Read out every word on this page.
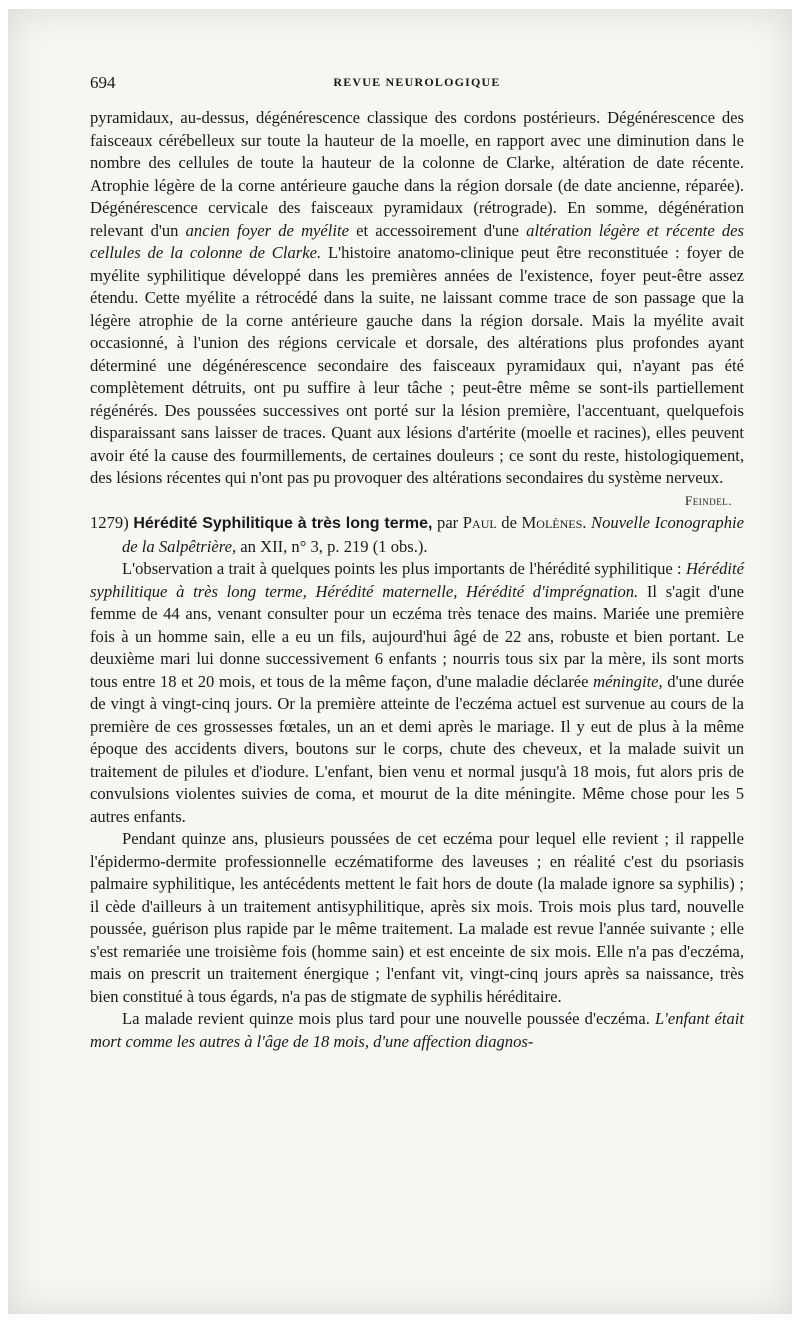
694	REVUE NEUROLOGIQUE

pyramidaux, au-dessus, dégénérescence classique des cordons postérieurs. Dégénérescence des faisceaux cérébelleux sur toute la hauteur de la moelle, en rapport avec une diminution dans le nombre des cellules de toute la hauteur de la colonne de Clarke, altération de date récente. Atrophie légère de la corne antérieure gauche dans la région dorsale (de date ancienne, réparée). Dégénérescence cervicale des faisceaux pyramidaux (rétrograde). En somme, dégénération relevant d'un ancien foyer de myélite et accessoirement d'une altération légère et récente des cellules de la colonne de Clarke. L'histoire anatomo-clinique peut être reconstituée : foyer de myélite syphilitique développé dans les premières années de l'existence, foyer peut-être assez étendu. Cette myélite a rétrocédé dans la suite, ne laissant comme trace de son passage que la légère atrophie de la corne antérieure gauche dans la région dorsale. Mais la myélite avait occasionné, à l'union des régions cervicale et dorsale, des altérations plus profondes ayant déterminé une dégénérescence secondaire des faisceaux pyramidaux qui, n'ayant pas été complètement détruits, ont pu suffire à leur tâche ; peut-être même se sont-ils partiellement régénérés. Des poussées successives ont porté sur la lésion première, l'accentuant, quelquefois disparaissant sans laisser de traces. Quant aux lésions d'artérite (moelle et racines), elles peuvent avoir été la cause des fourmillements, de certaines douleurs ; ce sont du reste, histologiquement, des lésions récentes qui n'ont pas pu provoquer des altérations secondaires du système nerveux.

Feindel.

1279) Hérédité Syphilitique à très long terme, par Paul de Molènes. Nouvelle Iconographie de la Salpêtrière, an XII, n° 3, p. 219 (1 obs.).

L'observation a trait à quelques points les plus importants de l'hérédité syphilitique : Hérédité syphilitique à très long terme, Hérédité maternelle, Hérédité d'imprégnation. Il s'agit d'une femme de 44 ans, venant consulter pour un eczéma très tenace des mains. Mariée une première fois à un homme sain, elle a eu un fils, aujourd'hui âgé de 22 ans, robuste et bien portant. Le deuxième mari lui donne successivement 6 enfants ; nourris tous six par la mère, ils sont morts tous entre 18 et 20 mois, et tous de la même façon, d'une maladie déclarée méningite, d'une durée de vingt à vingt-cinq jours. Or la première atteinte de l'eczéma actuel est survenue au cours de la première de ces grossesses fœtales, un an et demi après le mariage. Il y eut de plus à la même époque des accidents divers, boutons sur le corps, chute des cheveux, et la malade suivit un traitement de pilules et d'iodure. L'enfant, bien venu et normal jusqu'à 18 mois, fut alors pris de convulsions violentes suivies de coma, et mourut de la dite méningite. Même chose pour les 5 autres enfants.

Pendant quinze ans, plusieurs poussées de cet eczéma pour lequel elle revient ; il rappelle l'épidermo-dermite professionnelle eczématiforme des laveuses ; en réalité c'est du psoriasis palmaire syphilitique, les antécédents mettent le fait hors de doute (la malade ignore sa syphilis) ; il cède d'ailleurs à un traitement antisyphilitique, après six mois. Trois mois plus tard, nouvelle poussée, guérison plus rapide par le même traitement. La malade est revue l'année suivante ; elle s'est remariée une troisième fois (homme sain) et est enceinte de six mois. Elle n'a pas d'eczéma, mais on prescrit un traitement énergique ; l'enfant vit, vingt-cinq jours après sa naissance, très bien constitué à tous égards, n'a pas de stigmate de syphilis héréditaire.

La malade revient quinze mois plus tard pour une nouvelle poussée d'eczéma. L'enfant était mort comme les autres à l'âge de 18 mois, d'une affection diagnos-
